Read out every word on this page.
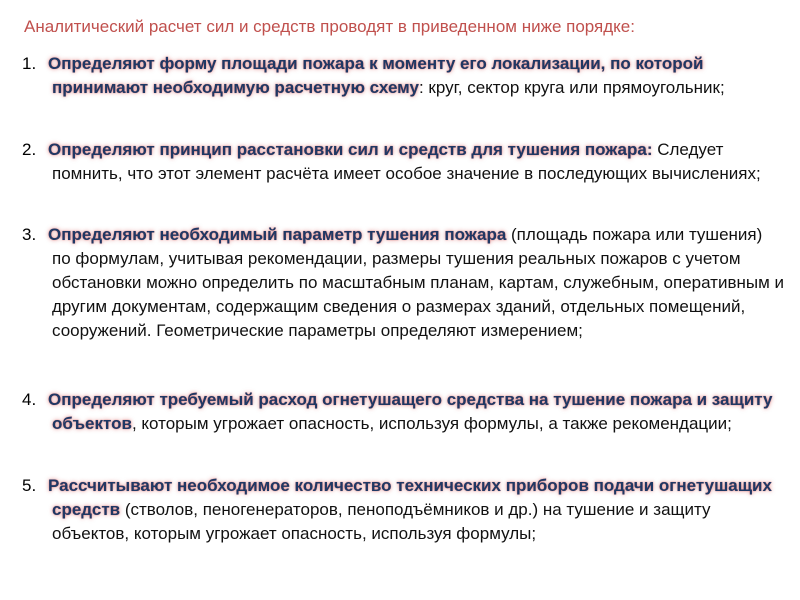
Аналитический расчет сил и средств проводят в приведенном ниже порядке:
1. Определяют форму площади пожара к моменту его локализации, по которой принимают необходимую расчетную схему: круг, сектор круга или прямоугольник;
2. Определяют принцип расстановки сил и средств для тушения пожара: Следует помнить, что этот элемент расчёта имеет особое значение в последующих вычислениях;
3. Определяют необходимый параметр тушения пожара (площадь пожара или тушения) по формулам, учитывая рекомендации, размеры тушения реальных пожаров с учетом обстановки можно определить по масштабным планам, картам, служебным, оперативным и другим документам, содержащим сведения о размерах зданий, отдельных помещений, сооружений. Геометрические параметры определяют измерением;
4. Определяют требуемый расход огнетушащего средства на тушение пожара и защиту объектов, которым угрожает опасность, используя формулы, а также рекомендации;
5. Рассчитывают необходимое количество технических приборов подачи огнетушащих средств (стволов, пеногенераторов, пеноподъёмников и др.) на тушение и защиту объектов, которым угрожает опасность, используя формулы;
